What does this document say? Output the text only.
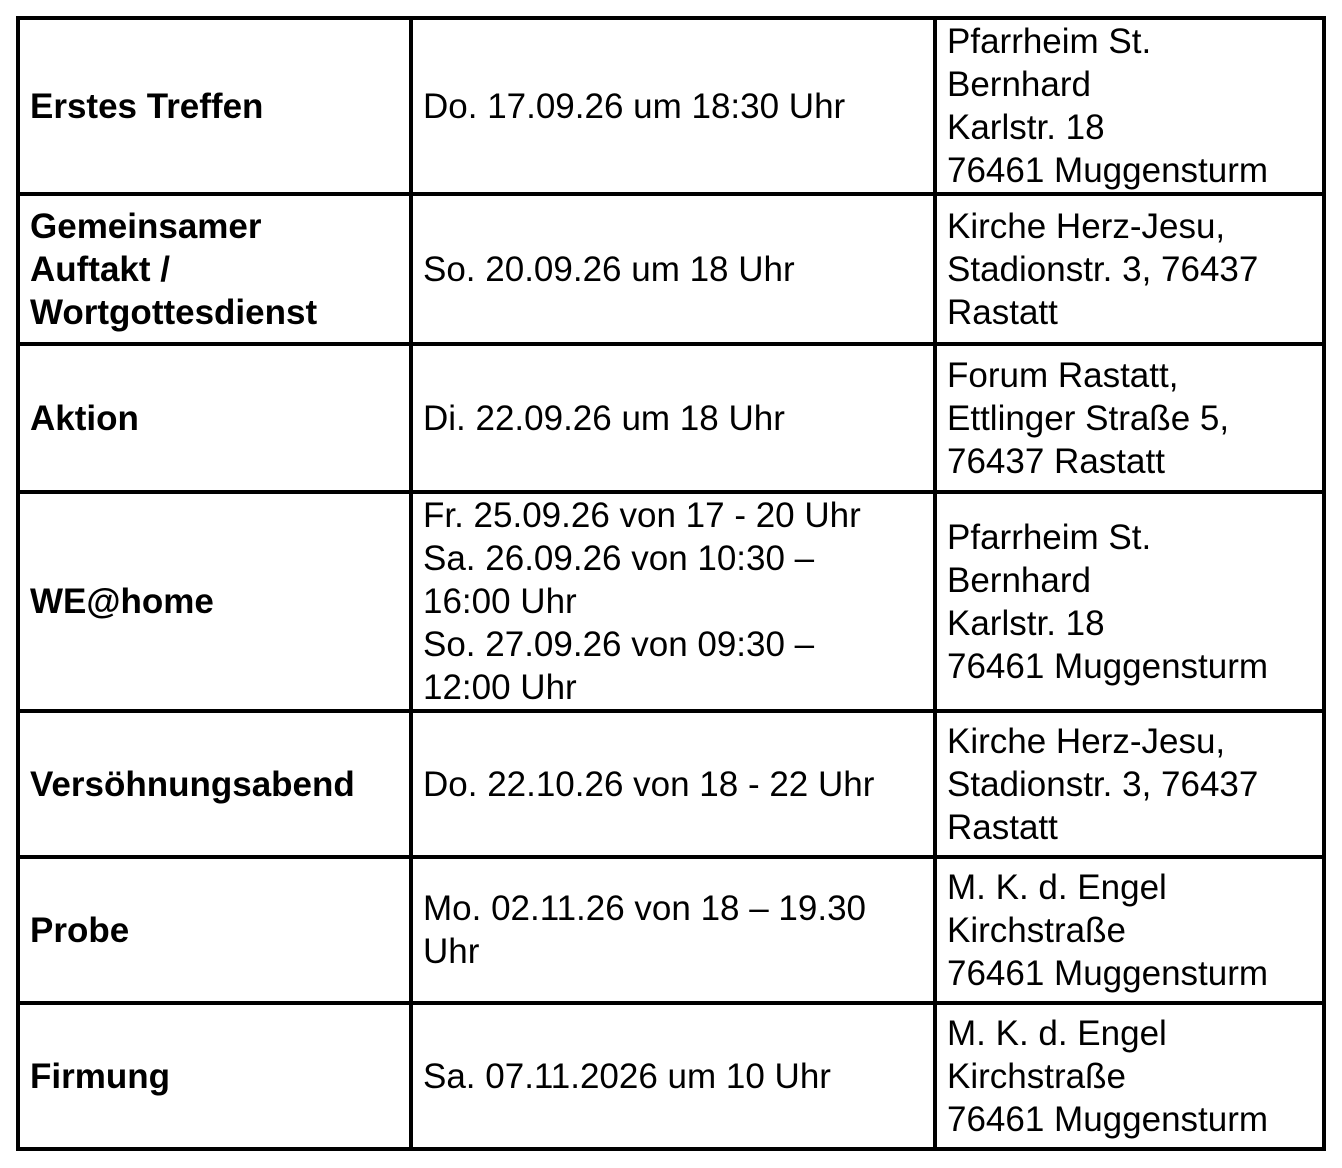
Erstes Treffen	Do. 17.09.26 um 18:30 Uhr	Pfarrheim St.
Bernhard
Karlstr. 18
76461 Muggensturm

Gemeinsamer
Auftakt /
Wortgottesdienst	So. 20.09.26 um 18 Uhr	Kirche Herz-Jesu,
Stadionstr. 3, 76437
Rastatt

Aktion	Di. 22.09.26 um 18 Uhr	Forum Rastatt,
Ettlinger Straße 5,
76437 Rastatt

WE@home	Fr. 25.09.26 von 17 - 20 Uhr
Sa. 26.09.26 von 10:30 –
16:00 Uhr
So. 27.09.26 von 09:30 –
12:00 Uhr	Pfarrheim St.
Bernhard
Karlstr. 18
76461 Muggensturm

Versöhnungsabend	Do. 22.10.26 von 18 - 22 Uhr	Kirche Herz-Jesu,
Stadionstr. 3, 76437
Rastatt

Probe	Mo. 02.11.26 von 18 – 19.30
Uhr	M. K. d. Engel
Kirchstraße
76461 Muggensturm

Firmung	Sa. 07.11.2026 um 10 Uhr	M. K. d. Engel
Kirchstraße
76461 Muggensturm
